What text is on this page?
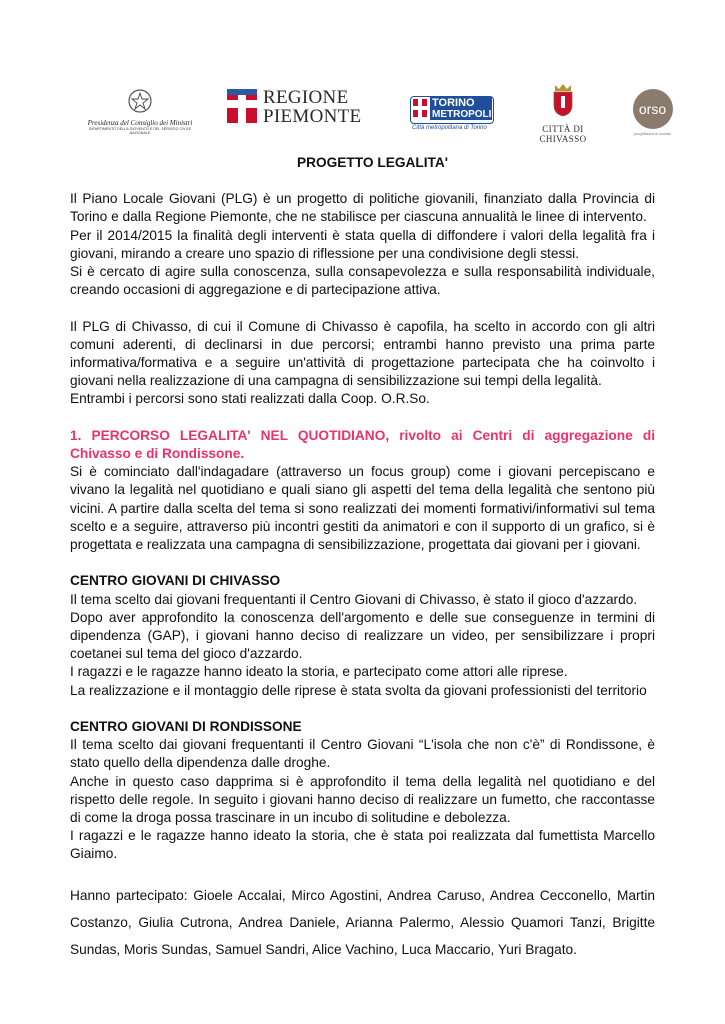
Presidenza del Consiglio dei Ministri
DIPARTIMENTO DELLA GIOVENTÙ E DEL SERVIZIO CIVILE NAZIONALE
REGIONE
PIEMONTE
TORINO
METROPOLI
Città metropolitana di Torino	CITTÀ DI CHIVASSO
orso
progettazione sociale
PROGETTO LEGALITA'

Il Piano Locale Giovani (PLG) è un progetto di politiche giovanili, finanziato dalla Provincia di Torino e dalla Regione Piemonte, che ne stabilisce per ciascuna annualità le linee di intervento.

Per il 2014/2015 la finalità degli interventi è stata quella di diffondere i valori della legalità fra i giovani, mirando a creare uno spazio di riflessione per una condivisione degli stessi.

Si è cercato di agire sulla conoscenza, sulla consapevolezza e sulla responsabilità individuale, creando occasioni di aggregazione e di partecipazione attiva.

Il PLG di Chivasso, di cui il Comune di Chivasso è capofila, ha scelto in accordo con gli altri comuni aderenti, di declinarsi in due percorsi; entrambi hanno previsto una prima parte informativa/formativa e a seguire un'attività di progettazione partecipata che ha coinvolto i giovani nella realizzazione di una campagna di sensibilizzazione sui tempi della legalità.

Entrambi i percorsi sono stati realizzati dalla Coop. O.R.So.

1. PERCORSO LEGALITA' NEL QUOTIDIANO, rivolto ai Centri di aggregazione di Chivasso e di Rondissone.

Si è cominciato dall'indagadare (attraverso un focus group) come i giovani percepiscano e vivano la legalità nel quotidiano e quali siano gli aspetti del tema della legalità che sentono più vicini. A partire dalla scelta del tema si sono realizzati dei momenti formativi/informativi sul tema scelto e a seguire, attraverso più incontri gestiti da animatori e con il supporto di un grafico, si è progettata e realizzata una campagna di sensibilizzazione, progettata dai giovani per i giovani.

CENTRO GIOVANI DI CHIVASSO

Il tema scelto dai giovani frequentanti il Centro Giovani di Chivasso, è stato il gioco d'azzardo.

Dopo aver approfondito la conoscenza dell'argomento e delle sue conseguenze in termini di dipendenza (GAP), i giovani hanno deciso di realizzare un video, per sensibilizzare i propri coetanei sul tema del gioco d'azzardo.

I ragazzi e le ragazze hanno ideato la storia, e partecipato come attori alle riprese.

La realizzazione e il montaggio delle riprese è stata svolta da giovani professionisti del territorio

CENTRO GIOVANI DI RONDISSONE

Il tema scelto dai giovani frequentanti il Centro Giovani “L'isola che non c'è” di Rondissone, è stato quello della dipendenza dalle droghe.

Anche in questo caso dapprima si è approfondito il tema della legalità nel quotidiano e del rispetto delle regole. In seguito i giovani hanno deciso di realizzare un fumetto, che raccontasse di come la droga possa trascinare in un incubo di solitudine e debolezza.

I ragazzi e le ragazze hanno ideato la storia, che è stata poi realizzata dal fumettista Marcello Giaimo.

Hanno partecipato: Gioele Accalai, Mirco Agostini, Andrea Caruso, Andrea Cecconello, Martin Costanzo, Giulia Cutrona, Andrea Daniele, Arianna Palermo, Alessio Quamori Tanzi, Brigitte Sundas, Moris Sundas, Samuel Sandri, Alice Vachino, Luca Maccario, Yuri Bragato.
